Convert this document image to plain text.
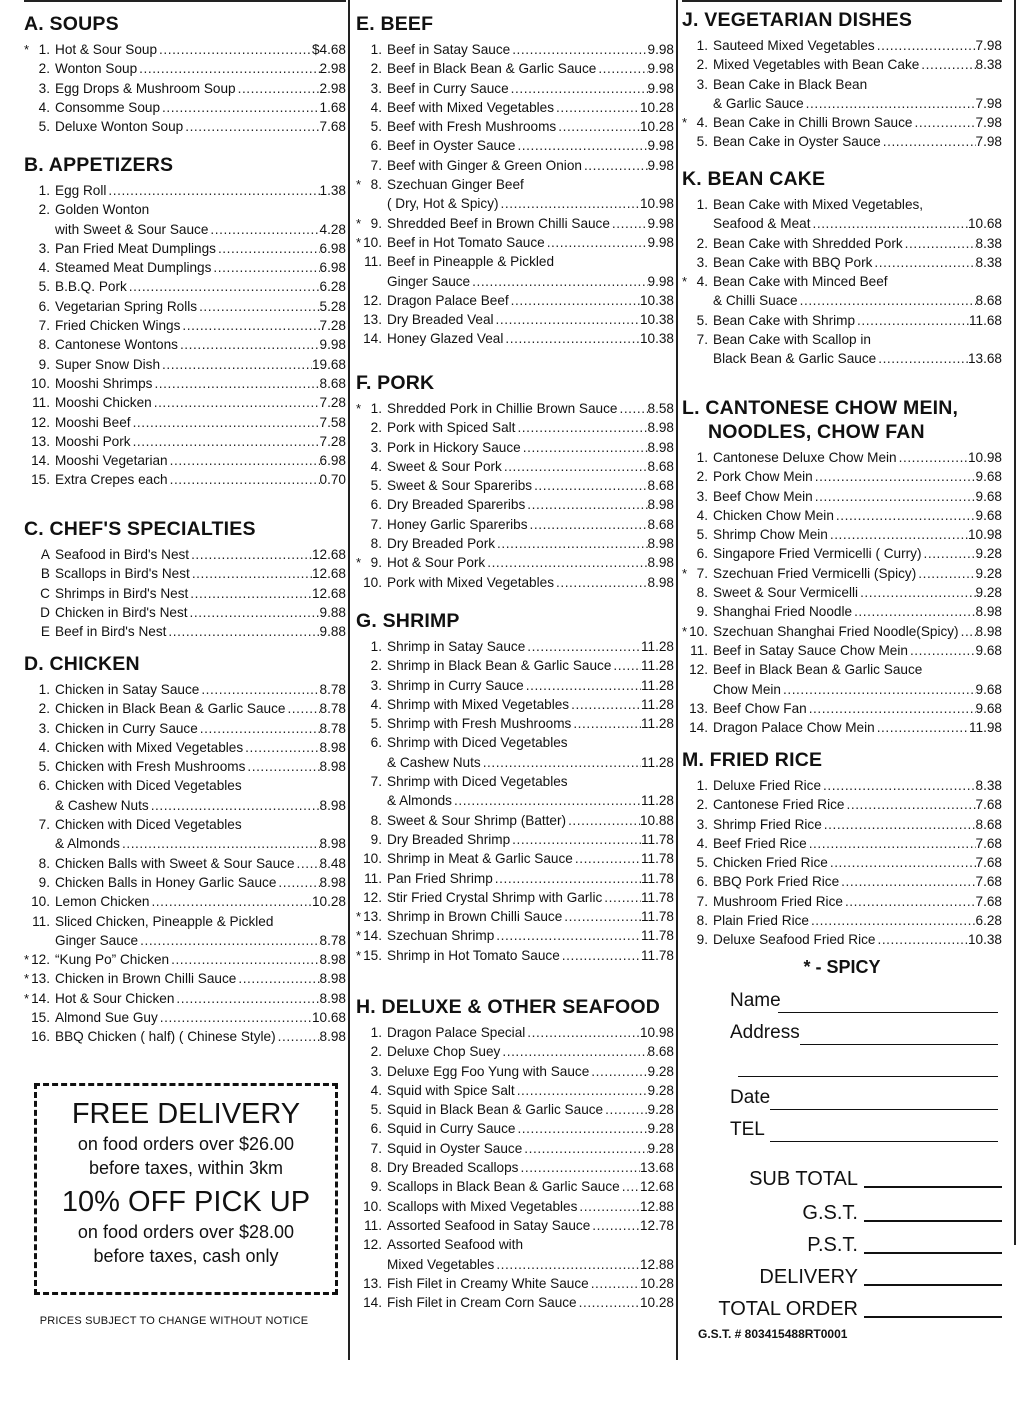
A. SOUPS
* 1. Hot & Sour Soup . . .	$4.68
2. Wonton Soup . . .	2.98
3. Egg Drops & Mushroom Soup . . .	2.98
4. Consomme Soup . . .	1.68
5. Deluxe Wonton Soup . . .	7.68
B. APPETIZERS
1. Egg Roll . . .	1.38
2. Golden Wonton
with Sweet & Sour Sauce . . .	4.28
3. Pan Fried Meat Dumplings . . .	6.98
4. Steamed Meat Dumplings . . .	6.98
5. B.B.Q. Pork . . .	6.28
6. Vegetarian Spring Rolls . . .	5.28
7. Fried Chicken Wings . . .	7.28
8. Cantonese Wontons . . .	9.98
9. Super Snow Dish . . .	19.68
10. Mooshi Shrimps . . .	8.68
11. Mooshi Chicken . . .	7.28
12. Mooshi Beef . . .	7.58
13. Mooshi Pork . . .	7.28
14. Mooshi Vegetarian . . .	6.98
15. Extra Crepes each . . .	0.70
C. CHEF'S SPECIALTIES
A Seafood in Bird's Nest . . .	12.68
B Scallops in Bird's Nest . . .	12.68
C Shrimps in Bird's Nest . . .	12.68
D Chicken in Bird's Nest . . .	9.88
E Beef in Bird's Nest . . .	9.88
D. CHICKEN
1. Chicken in Satay Sauce . . .	8.78
2. Chicken in Black Bean & Garlic Sauce . . .	8.78
3. Chicken in Curry Sauce . . .	8.78
4. Chicken with Mixed Vegetables . . .	8.98
5. Chicken with Fresh Mushrooms . . .	8.98
6. Chicken with Diced Vegetables
& Cashew Nuts . . .	8.98
7. Chicken with Diced Vegetables
& Almonds . . .	8.98
8. Chicken Balls with Sweet & Sour Sauce . . . 8.48
9. Chicken Balls in Honey Garlic Sauce . . .	8.98
10. Lemon Chicken . . .	10.28
11. Sliced Chicken, Pineapple & Pickled
Ginger Sauce . . .	8.78
* 12. “Kung Po” Chicken . . .	8.98
* 13. Chicken in Brown Chilli Sauce . . .	8.98
* 14. Hot & Sour Chicken . . .	8.98
15. Almond Sue Guy . . .	10.68
16. BBQ Chicken ( half) ( Chinese Style) . . .	8.98
FREE DELIVERY
on food orders over $26.00
before taxes, within 3km
10% OFF PICK UP
on food orders over $28.00
before taxes, cash only
PRICES SUBJECT TO CHANGE WITHOUT NOTICE
E. BEEF
1. Beef in Satay Sauce . . .	9.98
2. Beef in Black Bean & Garlic Sauce . . .	9.98
3. Beef in Curry Sauce . . .	9.98
4. Beef with Mixed Vegetables . . .	10.28
5. Beef with Fresh Mushrooms . . .	10.28
6. Beef in Oyster Sauce . . .	9.98
7. Beef with Ginger & Green Onion . . .	9.98
* 8. Szechuan Ginger Beef
( Dry, Hot & Spicy) . . .	10.98
* 9. Shredded Beef in Brown Chilli Sauce . . .	9.98
* 10. Beef in Hot Tomato Sauce . . .	9.98
11. Beef in Pineapple & Pickled
Ginger Sauce . . .	9.98
12. Dragon Palace Beef . . .	10.38
13. Dry Breaded Veal . . .	10.38
14. Honey Glazed Veal . . .	10.38
F. PORK
* 1. Shredded Pork in Chillie Brown Sauce . . . 8.58
2. Pork with Spiced Salt . . .	8.98
3. Pork in Hickory Sauce . . .	8.98
4. Sweet & Sour Pork . . .	8.68
5. Sweet & Sour Spareribs . . .	8.68
6. Dry Breaded Spareribs . . .	8.98
7. Honey Garlic Spareribs . . .	8.68
8. Dry Breaded Pork . . .	8.98
* 9. Hot & Sour Pork . . .	8.98
10. Pork with Mixed Vegetables . . .	8.98
G. SHRIMP
1. Shrimp in Satay Sauce . . .	11.28
2. Shrimp in Black Bean & Garlic Sauce . . . 11.28
3. Shrimp in Curry Sauce . . .	11.28
4. Shrimp with Mixed Vegetables . . .	11.28
5. Shrimp with Fresh Mushrooms . . .	11.28
6. Shrimp with Diced Vegetables
& Cashew Nuts . . .	11.28
7. Shrimp with Diced Vegetables
& Almonds . . .	11.28
8. Sweet & Sour Shrimp (Batter) . . .	10.88
9. Dry Breaded Shrimp . . .	11.78
10. Shrimp in Meat & Garlic Sauce . . .	11.78
11. Pan Fried Shrimp . . .	11.78
12. Stir Fried Crystal Shrimp with Garlic . . .	11.78
* 13. Shrimp in Brown Chilli Sauce . . .	11.78
* 14. Szechuan Shrimp . . .	11.78
* 15. Shrimp in Hot Tomato Sauce . . .	11.78
H. DELUXE & OTHER SEAFOOD
1. Dragon Palace Special . . .	10.98
2. Deluxe Chop Suey . . .	8.68
3. Deluxe Egg Foo Yung with Sauce . . .	9.28
4. Squid with Spice Salt . . .	9.28
5. Squid in Black Bean & Garlic Sauce . . .	9.28
6. Squid in Curry Sauce . . .	9.28
7. Squid in Oyster Sauce . . .	9.28
8. Dry Breaded Scallops . . .	13.68
9. Scallops in Black Bean & Garlic Sauce . . . 12.68
10. Scallops with Mixed Vegetables . . .	12.88
11. Assorted Seafood in Satay Sauce . . .	12.78
12. Assorted Seafood with
Mixed Vegetables . . .	12.88
13. Fish Filet in Creamy White Sauce . . .	10.28
14. Fish Filet in Cream Corn Sauce . . .	10.28
J. VEGETARIAN DISHES
1. Sauteed Mixed Vegetables . . .	7.98
2. Mixed Vegetables with Bean Cake . . .	8.38
3. Bean Cake in Black Bean
& Garlic Sauce . . .	7.98
* 4. Bean Cake in Chilli Brown Sauce . . .	7.98
5. Bean Cake in Oyster Sauce . . .	7.98
K. BEAN CAKE
1. Bean Cake with Mixed Vegetables,
Seafood & Meat . . .	10.68
2. Bean Cake with Shredded Pork . . .	8.38
3. Bean Cake with BBQ Pork . . .	8.38
* 4. Bean Cake with Minced Beef
& Chilli Suace . . .	8.68
5. Bean Cake with Shrimp . . .	11.68
7. Bean Cake with Scallop in
Black Bean & Garlic Sauce . . .	13.68
L. CANTONESE CHOW MEIN,
NOODLES, CHOW FAN
1. Cantonese Deluxe Chow Mein . . .	10.98
2. Pork Chow Mein . . .	9.68
3. Beef Chow Mein . . .	9.68
4. Chicken Chow Mein . . .	9.68
5. Shrimp Chow Mein . . .	10.98
6. Singapore Fried Vermicelli ( Curry) . . .	9.28
* 7. Szechuan Fried Vermicelli (Spicy) . . .	9.28
8. Sweet & Sour Vermicelli . . .	9.28
9. Shanghai Fried Noodle . . .	8.98
* 10. Szechuan Shanghai Fried Noodle(Spicy) . . . 8.98
11. Beef in Satay Sauce Chow Mein . . .	9.68
12. Beef in Black Bean & Garlic Sauce
Chow Mein . . .	9.68
13. Beef Chow Fan . . .	9.68
14. Dragon Palace Chow Mein . . .	11.98
M. FRIED RICE
1. Deluxe Fried Rice . . .	8.38
2. Cantonese Fried Rice . . .	7.68
3. Shrimp Fried Rice . . .	8.68
4. Beef Fried Rice . . .	7.68
5. Chicken Fried Rice . . .	7.68
6. BBQ Pork Fried Rice . . .	7.68
7. Mushroom Fried Rice . . .	7.68
8. Plain Fried Rice . . .	6.28
9. Deluxe Seafood Fried Rice . . .	10.38
* - SPICY
Name
Address
Date
TEL
SUB TOTAL
G.S.T.
P.S.T.
DELIVERY
TOTAL ORDER
G.S.T. # 803415488RT0001
